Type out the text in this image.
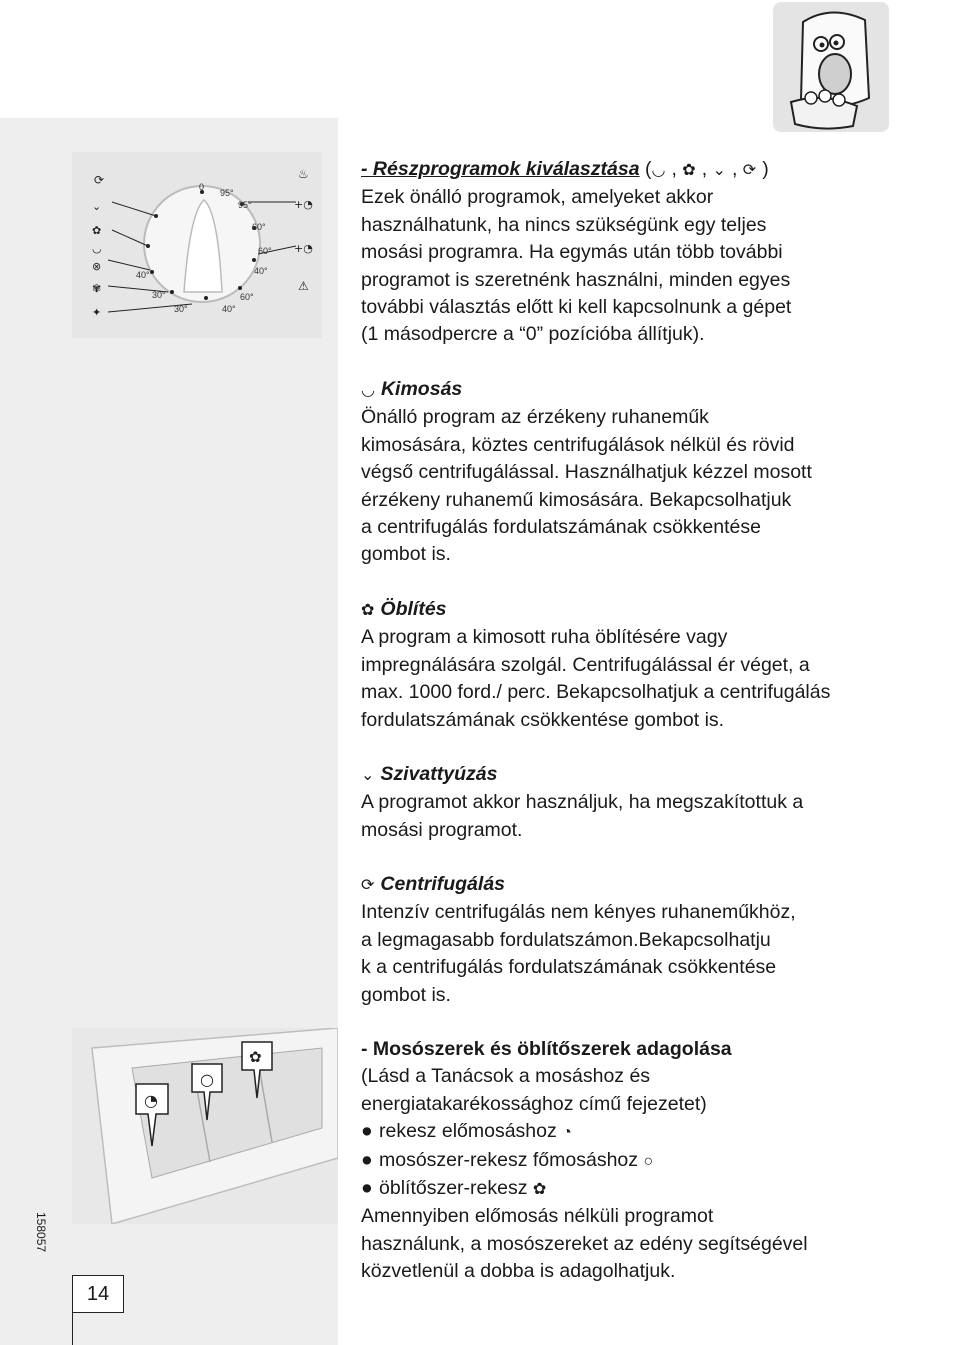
⟳
⌄
✿
◡
⊗
✾
✦
♨
+◔
+◔
⚠
0
95°
95°
60°
60°
40°
60°
40°
40°
30°
30°
◔
○
✿
158057
14

- Részprogramok kiválasztása (◡ , ✿ , ⌄ , ⟳ )

Ezek önálló programok, amelyeket akkor

használhatunk, ha nincs szükségünk egy teljes

mosási programra. Ha egymás után több további

programot is szeretnénk használni, minden egyes

további választás előtt ki kell kapcsolnunk a gépet

(1 másodpercre a “0” pozícióba állítjuk).

◡ Kimosás

Önálló program az érzékeny ruhaneműk

kimosására, köztes centrifugálások nélkül és rövid

végső centrifugálással. Használhatjuk kézzel mosott

érzékeny ruhanemű kimosására. Bekapcsolhatjuk

a centrifugálás fordulatszámának csökkentése

gombot is.

✿ Öblítés

A program a kimosott ruha öblítésére vagy

impregnálására szolgál. Centrifugálással ér véget, a

max. 1000 ford./ perc. Bekapcsolhatjuk a centrifugálás

fordulatszámának csökkentése gombot is.

⌄ Szivattyúzás

A programot akkor használjuk, ha megszakítottuk a

mosási programot.

⟳ Centrifugálás

Intenzív centrifugálás nem kényes ruhaneműkhöz,

a legmagasabb fordulatszámon.Bekapcsolhatju

k a centrifugálás fordulatszámának csökkentése

gombot is.

- Mosószerek és öblítőszerek adagolása

(Lásd a Tanácsok a mosáshoz és

energiatakarékossághoz című fejezetet)

● rekesz előmosáshoz ◔

● mosószer-rekesz főmosáshoz ○

● öblítőszer-rekesz ✿

Amennyiben előmosás nélküli programot

használunk, a mosószereket az edény segítségével

közvetlenül a dobba is adagolhatjuk.
